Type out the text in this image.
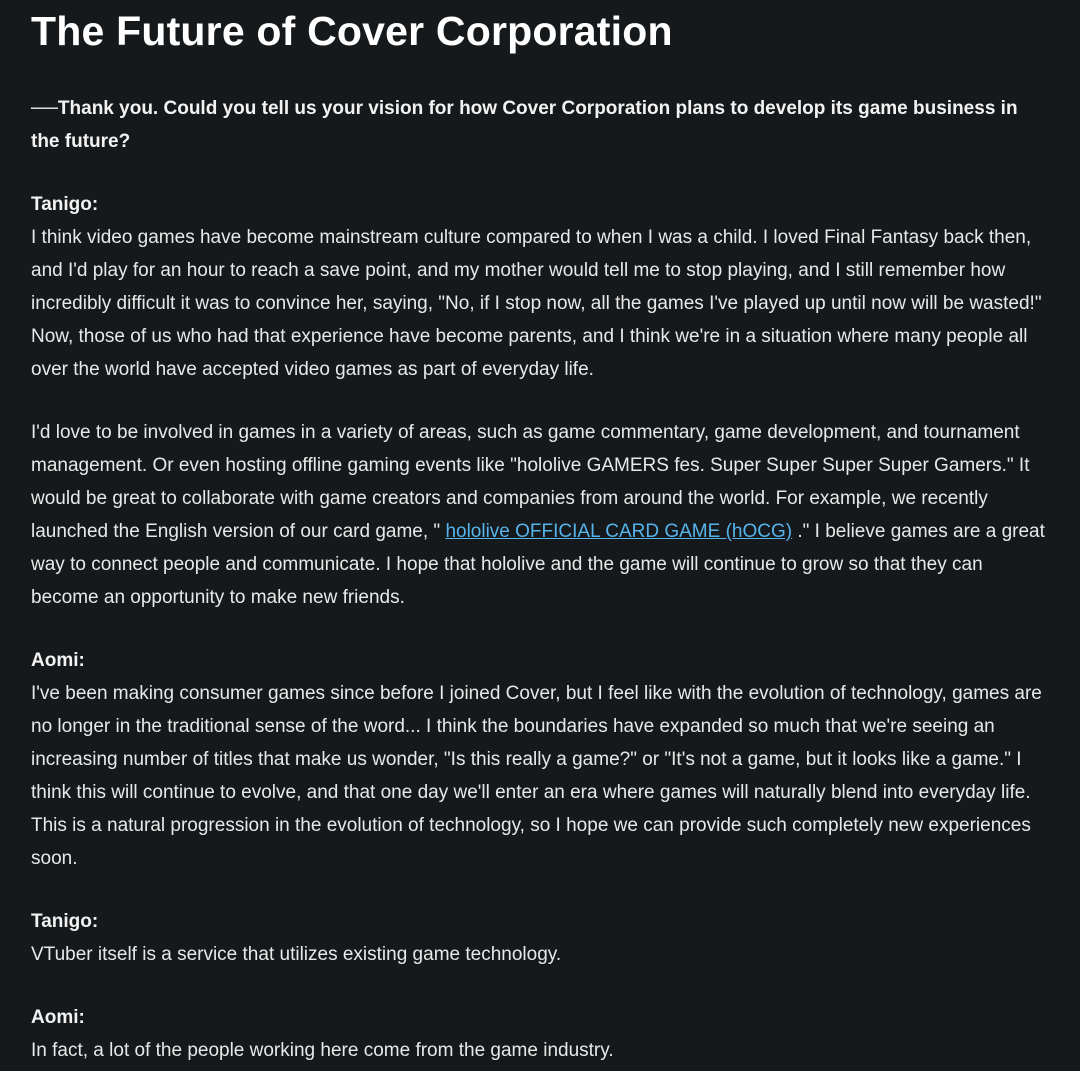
The Future of Cover Corporation

──Thank you. Could you tell us your vision for how Cover Corporation plans to develop its game business in the future?

Tanigo:

I think video games have become mainstream culture compared to when I was a child. I loved Final Fantasy back then, and I'd play for an hour to reach a save point, and my mother would tell me to stop playing, and I still remember how incredibly difficult it was to convince her, saying, "No, if I stop now, all the games I've played up until now will be wasted!" Now, those of us who had that experience have become parents, and I think we're in a situation where many people all over the world have accepted video games as part of everyday life.

I'd love to be involved in games in a variety of areas, such as game commentary, game development, and tournament management. Or even hosting offline gaming events like "hololive GAMERS fes. Super Super Super Super Gamers." It would be great to collaborate with game creators and companies from around the world. For example, we recently launched the English version of our card game, " hololive OFFICIAL CARD GAME (hOCG) ." I believe games are a great way to connect people and communicate. I hope that hololive and the game will continue to grow so that they can become an opportunity to make new friends.

Aomi:

I've been making consumer games since before I joined Cover, but I feel like with the evolution of technology, games are no longer in the traditional sense of the word... I think the boundaries have expanded so much that we're seeing an increasing number of titles that make us wonder, "Is this really a game?" or "It's not a game, but it looks like a game." I think this will continue to evolve, and that one day we'll enter an era where games will naturally blend into everyday life. This is a natural progression in the evolution of technology, so I hope we can provide such completely new experiences soon.

Tanigo:

VTuber itself is a service that utilizes existing game technology.

Aomi:

In fact, a lot of the people working here come from the game industry.
